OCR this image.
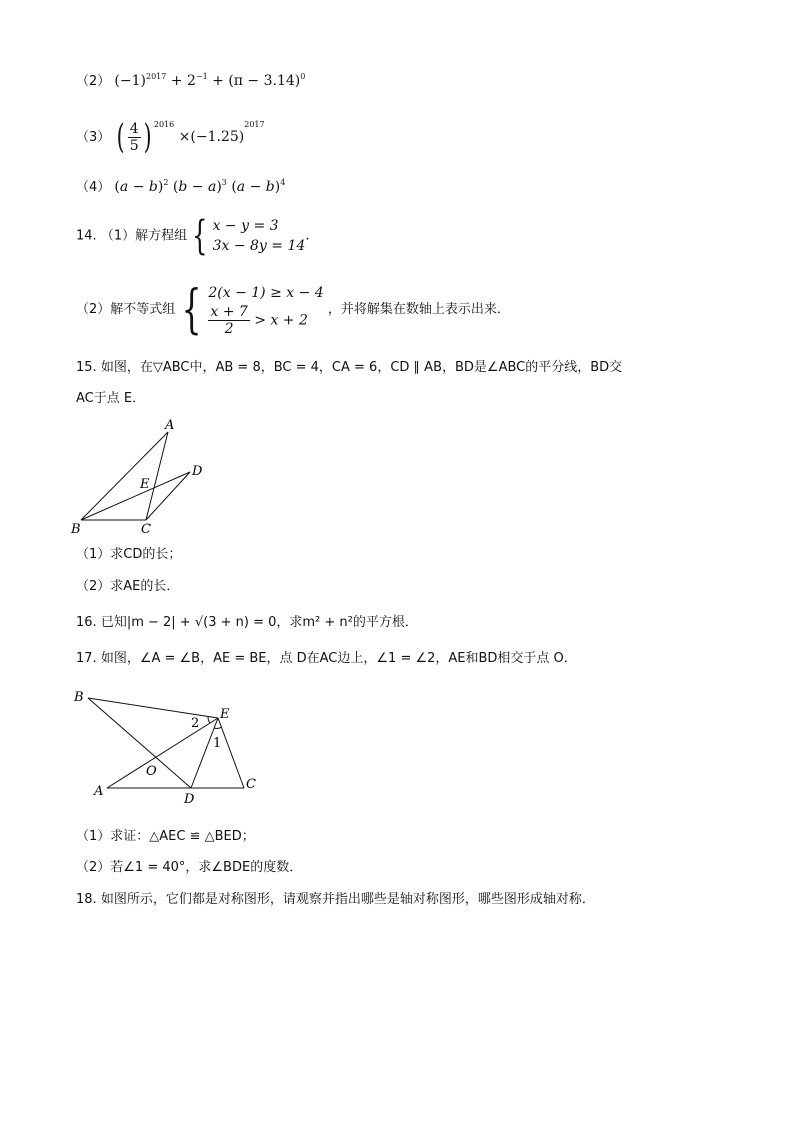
（2） $(-1)^{2017} + 2^{-1} + (\pi - 3.14)^0$
（3） ( $\frac{4}{5}$ ) $^{2016} \times(-1.25)^{2017}$
（4） $(a - b)^2$ $(b - a)^3$ $(a - b)^4$
14. （1）解方程组 { x − y = 3
3x − 8y = 14
.
（2）解不等式组 { 2(x − 1) ≥ x − 4
$\frac{x + 7}{2} > x + 2$
，并将解集在数轴上表示出来．
15. 如图，在▽ABC中，AB = 8，BC = 4，CA = 6，CD ∥ AB，BD是∠ABC的平分线，BD交
AC于点 E．
A
B	C
D
E
（1）求CD的长；
（2）求AE的长．
16. 已知|m − 2| + √(3 + n) = 0，求m² + n²的平方根．
17. 如图，∠A = ∠B，AE = BE，点 D在AC边上，∠1 = ∠2，AE和BD相交于点 O．
B
E
A
D
C
O
1
2
（1）求证：△AEC ≌ △BED；
（2）若∠1 = 40°，求∠BDE的度数．
18. 如图所示，它们都是对称图形，请观察并指出哪些是轴对称图形，哪些图形成轴对称．
